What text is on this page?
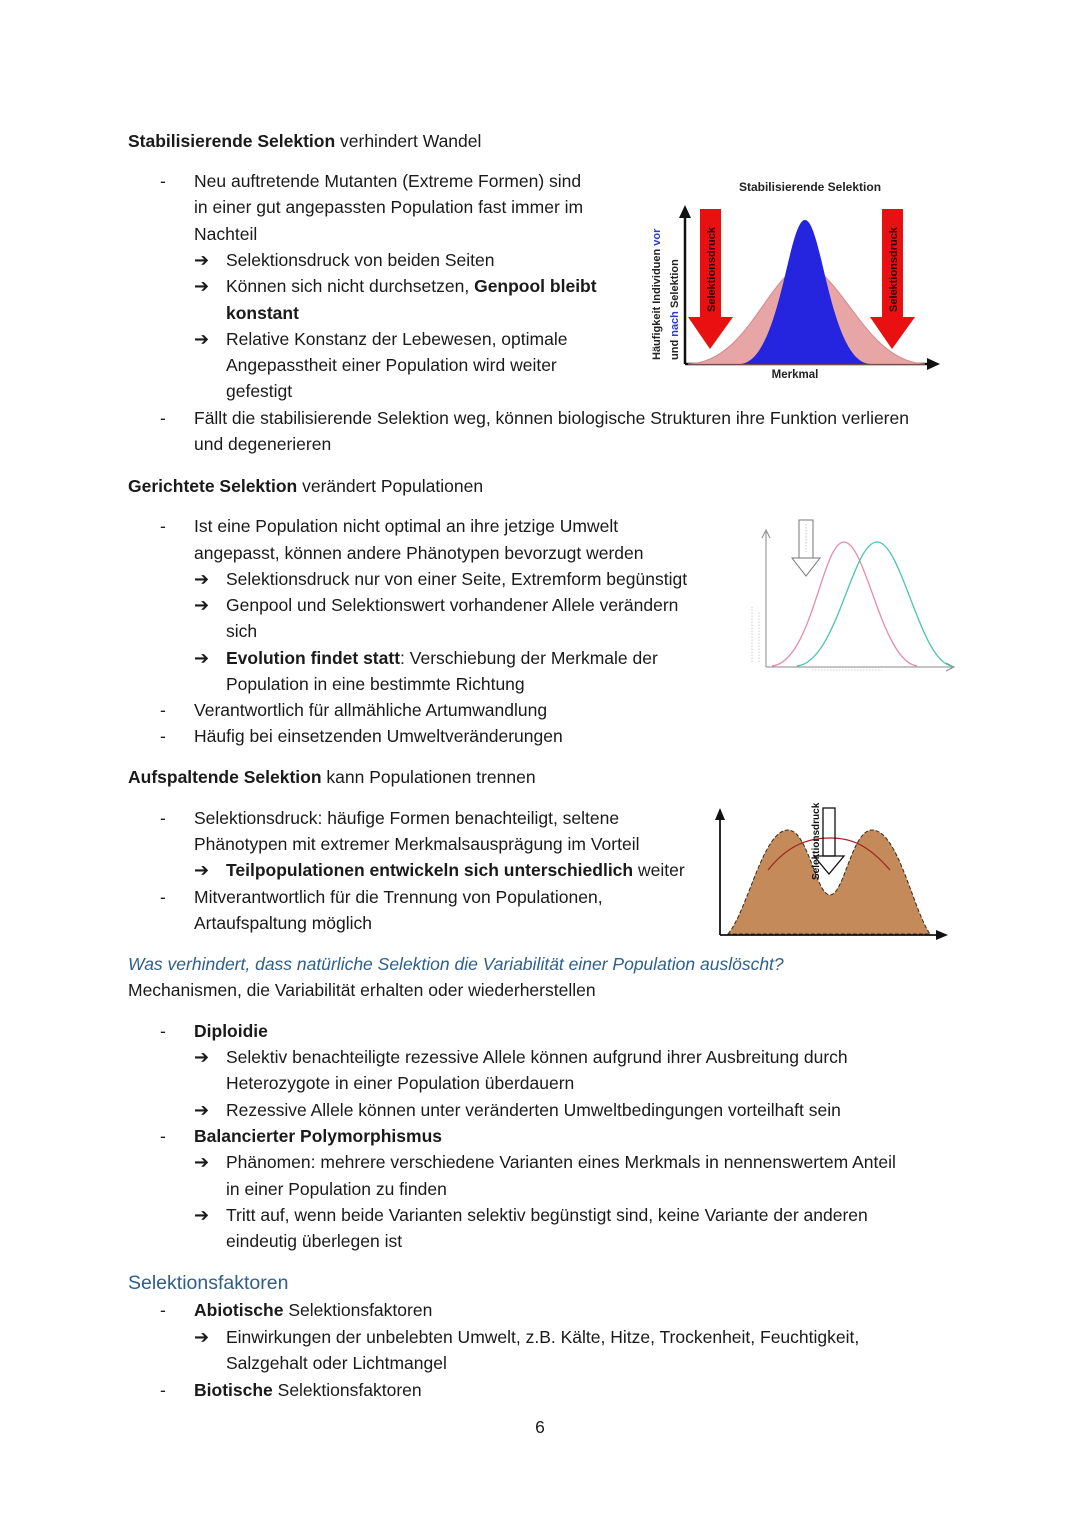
Stabilisierende Selektion verhindert Wandel
- Neu auftretende Mutanten (Extreme Formen) sind
in einer gut angepassten Population fast immer im
Nachteil
➔ Selektionsdruck von beiden Seiten
➔ Können sich nicht durchsetzen, Genpool bleibt
konstant
➔ Relative Konstanz der Lebewesen, optimale
Angepasstheit einer Population wird weiter
gefestigt
- Fällt die stabilisierende Selektion weg, können biologische Strukturen ihre Funktion verlieren
und degenerieren
Stabilisierende Selektion
Selektionsdruck	Selektionsdruck
Häufigkeit Individuen vor
und nach Selektion
Merkmal
Gerichtete Selektion verändert Populationen
- Ist eine Population nicht optimal an ihre jetzige Umwelt
angepasst, können andere Phänotypen bevorzugt werden
➔ Selektionsdruck nur von einer Seite, Extremform begünstigt
➔ Genpool und Selektionswert vorhandener Allele verändern
sich
➔ Evolution findet statt: Verschiebung der Merkmale der
Population in eine bestimmte Richtung
- Verantwortlich für allmähliche Artumwandlung
- Häufig bei einsetzenden Umweltveränderungen
Aufspaltende Selektion kann Populationen trennen
- Selektionsdruck: häufige Formen benachteiligt, seltene
Phänotypen mit extremer Merkmalsausprägung im Vorteil
➔ Teilpopulationen entwickeln sich unterschiedlich weiter
- Mitverantwortlich für die Trennung von Populationen,
Artaufspaltung möglich
Selektionsdruck
Was verhindert, dass natürliche Selektion die Variabilität einer Population auslöscht?
Mechanismen, die Variabilität erhalten oder wiederherstellen
- Diploidie
➔ Selektiv benachteiligte rezessive Allele können aufgrund ihrer Ausbreitung durch
Heterozygote in einer Population überdauern
➔ Rezessive Allele können unter veränderten Umweltbedingungen vorteilhaft sein
- Balancierter Polymorphismus
➔ Phänomen: mehrere verschiedene Varianten eines Merkmals in nennenswertem Anteil
in einer Population zu finden
➔ Tritt auf, wenn beide Varianten selektiv begünstigt sind, keine Variante der anderen
eindeutig überlegen ist
Selektionsfaktoren
- Abiotische Selektionsfaktoren
➔ Einwirkungen der unbelebten Umwelt, z.B. Kälte, Hitze, Trockenheit, Feuchtigkeit,
Salzgehalt oder Lichtmangel
- Biotische Selektionsfaktoren
6
